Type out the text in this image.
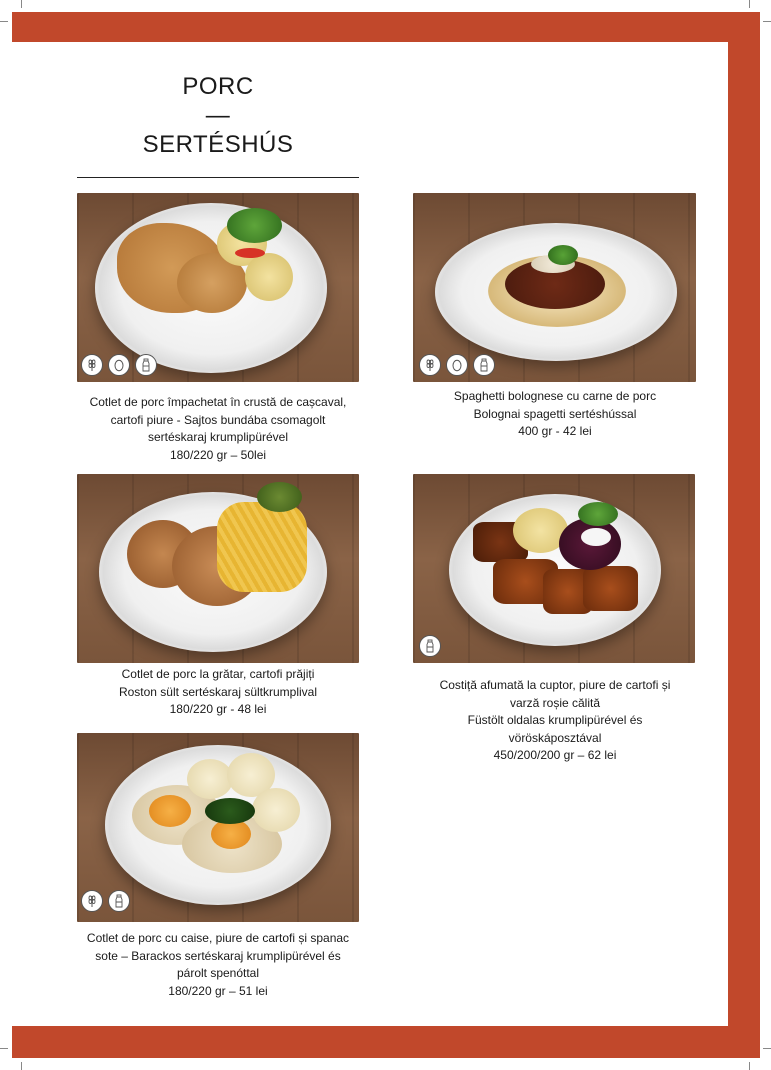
PORC
—
SERTÉSHÚS
Cotlet de porc împachetat în crustă de cașcaval,
cartofi piure - Sajtos bundába csomagolt
sertéskaraj krumplipürével
180/220 gr – 50lei
Spaghetti bolognese cu carne de porc
Bolognai spagetti sertéshússal
400 gr - 42 lei
Cotlet de porc la grătar, cartofi prăjiți
Roston sült sertéskaraj sültkrumplival
180/220 gr - 48 lei
Costiță afumată la cuptor, piure de cartofi și
varză roșie călită
Füstölt oldalas krumplipürével és
vöröskáposztával
450/200/200 gr – 62 lei
Cotlet de porc cu caise, piure de cartofi și spanac
sote – Barackos sertéskaraj krumplipürével és
párolt spenóttal
180/220 gr – 51 lei
